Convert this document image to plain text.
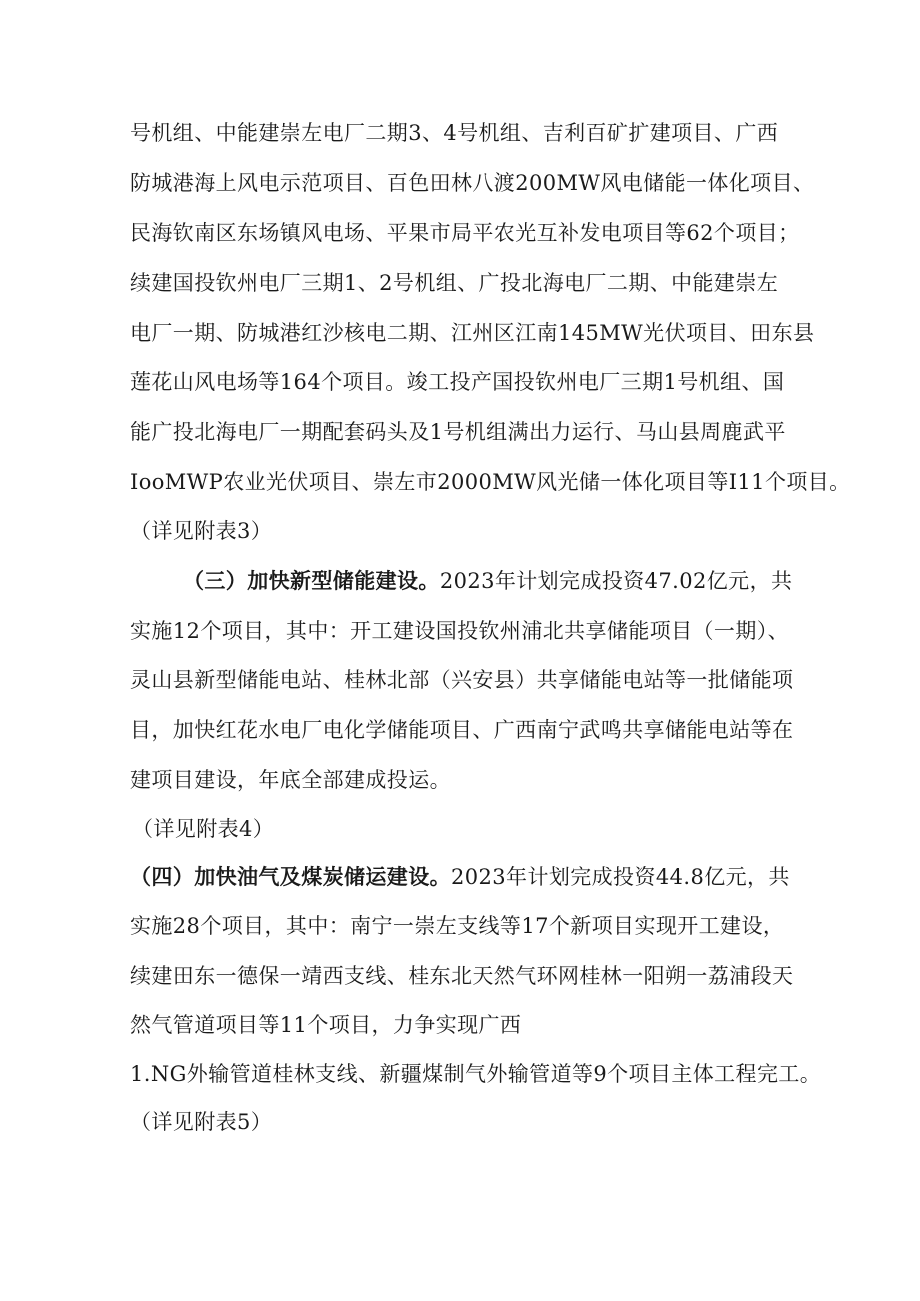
号机组、中能建崇左电厂二期3、4号机组、吉利百矿扩建项目、广西
防城港海上风电示范项目、百色田林八渡200MW风电储能一体化项目、
民海钦南区东场镇风电场、平果市局平农光互补发电项目等62个项目；
续建国投钦州电厂三期1、2号机组、广投北海电厂二期、中能建崇左
电厂一期、防城港红沙核电二期、江州区江南145MW光伏项目、田东县
莲花山风电场等164个项目。竣工投产国投钦州电厂三期1号机组、国
能广投北海电厂一期配套码头及1号机组满出力运行、马山县周鹿武平
IooMWP农业光伏项目、崇左市2000MW风光储一体化项目等I11个项目。
（详见附表3）
（三）加快新型储能建设。2023年计划完成投资47.02亿元，共
实施12个项目，其中：开工建设国投钦州浦北共享储能项目（一期）、
灵山县新型储能电站、桂林北部（兴安县）共享储能电站等一批储能项
目，加快红花水电厂电化学储能项目、广西南宁武鸣共享储能电站等在
建项目建设，年底全部建成投运。
（详见附表4）
（四）加快油气及煤炭储运建设。2023年计划完成投资44.8亿元，共
实施28个项目，其中：南宁一崇左支线等17个新项目实现开工建设，
续建田东一德保一靖西支线、桂东北天然气环网桂林一阳朔一荔浦段天
然气管道项目等11个项目，力争实现广西
1.NG外输管道桂林支线、新疆煤制气外输管道等9个项目主体工程完工。
（详见附表5）
